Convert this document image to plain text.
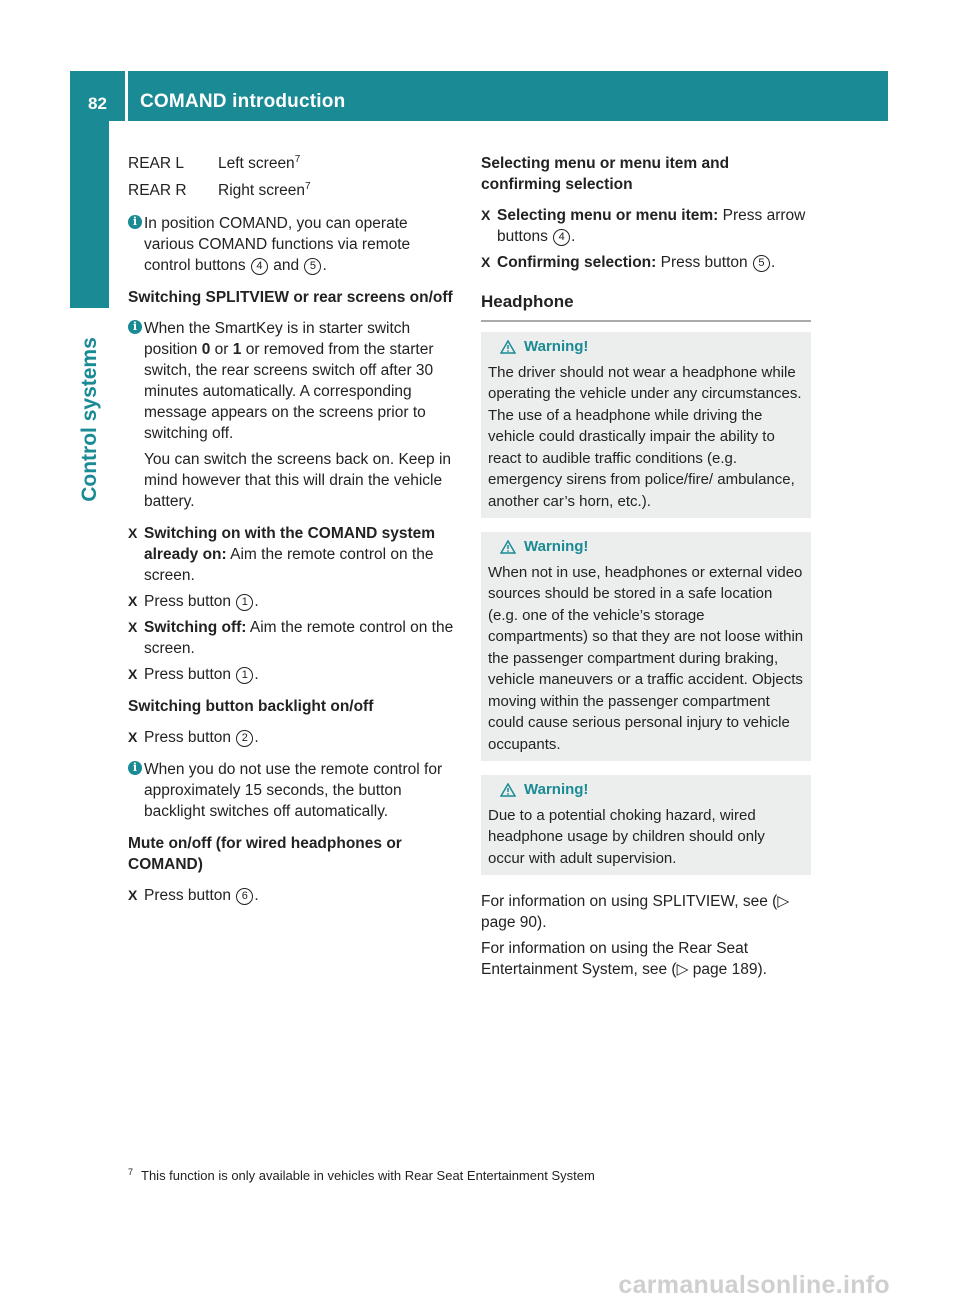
82	COMAND introduction
Control systems
REAR L	Left screen$^7$
REAR R	Right screen$^7$
i In position COMAND, you can operate various COMAND functions via remote control buttons 4 and 5 .

Switching SPLITVIEW or rear screens on/off

i When the SmartKey is in starter switch position 0 or 1 or removed from the starter switch, the rear screens switch off after 30 minutes automatically. A corresponding message appears on the screens prior to switching off.

You can switch the screens back on. Keep in mind however that this will drain the vehicle battery.

X Switching on with the COMAND system already on: Aim the remote control on the screen.

X Press button 1 .

X Switching off: Aim the remote control on the screen.

X Press button 1 .

Switching button backlight on/off

X Press button 2 .

i When you do not use the remote control for approximately 15 seconds, the button backlight switches off automatically.

Mute on/off (for wired headphones or COMAND)

X Press button 6 .

Selecting menu or menu item and confirming selection

X Selecting menu or menu item: Press arrow buttons 4 .

X Confirming selection: Press button 5 .

Headphone
Warning!

The driver should not wear a headphone while operating the vehicle under any circumstances. The use of a headphone while driving the vehicle could drastically impair the ability to react to audible traffic conditions (e.g. emergency sirens from police/fire/ ambulance, another car’s horn, etc.).

Warning!

When not in use, headphones or external video sources should be stored in a safe location (e.g. one of the vehicle’s storage compartments) so that they are not loose within the passenger compartment during braking, vehicle maneuvers or a traffic accident. Objects moving within the passenger compartment could cause serious personal injury to vehicle occupants.

Warning!

Due to a potential choking hazard, wired headphone usage by children should only occur with adult supervision.

For information on using SPLITVIEW, see (▷ page 90).

For information on using the Rear Seat Entertainment System, see (▷ page 189).

$^7$ This function is only available in vehicles with Rear Seat Entertainment System
carmanualsonline.info
